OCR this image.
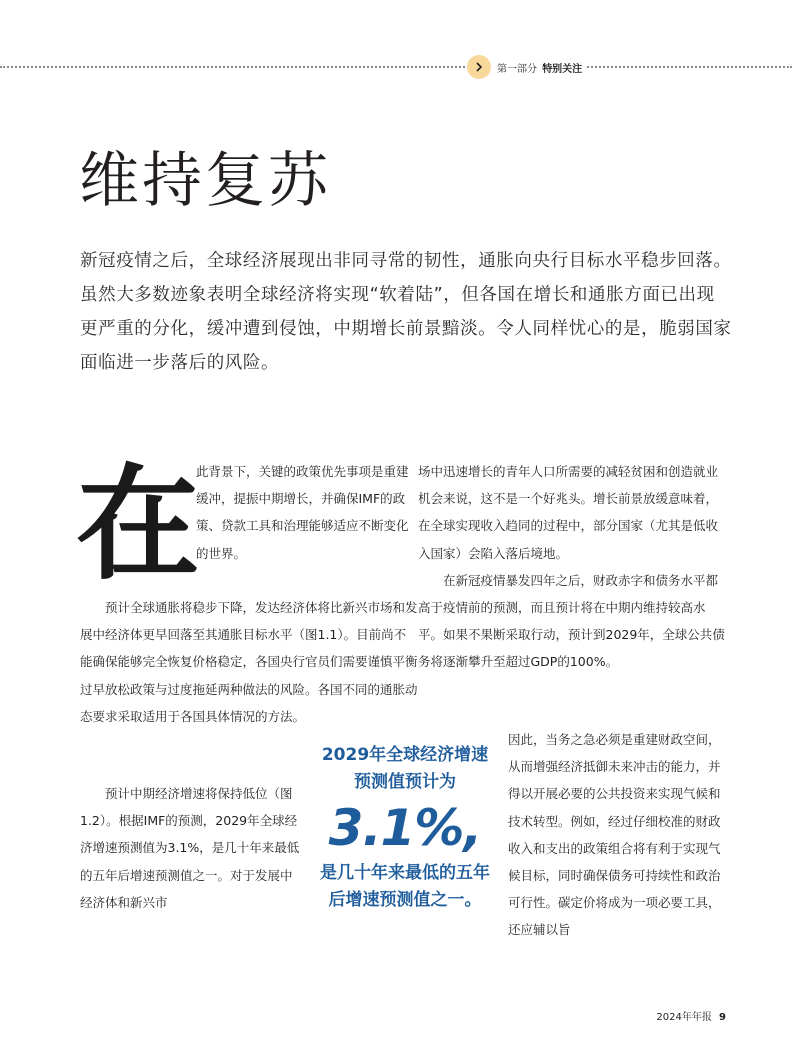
第一部分 特别关注
维持复苏

新冠疫情之后，全球经济展现出非同寻常的韧性，通胀向央行目标水平稳步回落。虽然大多数迹象表明全球经济将实现“软着陆”，但各国在增长和通胀方面已出现更严重的分化，缓冲遭到侵蚀，中期增长前景黯淡。令人同样忧心的是，脆弱国家面临进一步落后的风险。

在

此背景下，关键的政策优先事项是重建缓冲，提振中期增长，并确保IMF的政策、贷款工具和治理能够适应不断变化的世界。

预计全球通胀将稳步下降，发达经济体将比新兴市场和发展中经济体更早回落至其通胀目标水平（图1.1）。目前尚不能确保能够完全恢复价格稳定，各国央行官员们需要谨慎平衡过早放松政策与过度拖延两种做法的风险。各国不同的通胀动态要求采取适用于各国具体情况的方法。

预计中期经济增速将保持低位（图1.2）。根据IMF的预测，2029年全球经济增速预测值为3.1%，是几十年来最低的五年后增速预测值之一。对于发展中经济体和新兴市

场中迅速增长的青年人口所需要的减轻贫困和创造就业机会来说，这不是一个好兆头。增长前景放缓意味着，在全球实现收入趋同的过程中，部分国家（尤其是低收入国家）会陷入落后境地。

在新冠疫情暴发四年之后，财政赤字和债务水平都高于疫情前的预测，而且预计将在中期内维持较高水平。如果不果断采取行动，预计到2029年，全球公共债务将逐渐攀升至超过GDP的100%。

因此，当务之急必须是重建财政空间，从而增强经济抵御未来冲击的能力，并得以开展必要的公共投资来实现气候和技术转型。例如，经过仔细校准的财政收入和支出的政策组合将有利于实现气候目标，同时确保债务可持续性和政治可行性。碳定价将成为一项必要工具，还应辅以旨

2029年全球经济增速预测值预计为
3.1%,
是几十年来最低的五年后增速预测值之一。
2024年年报 9
